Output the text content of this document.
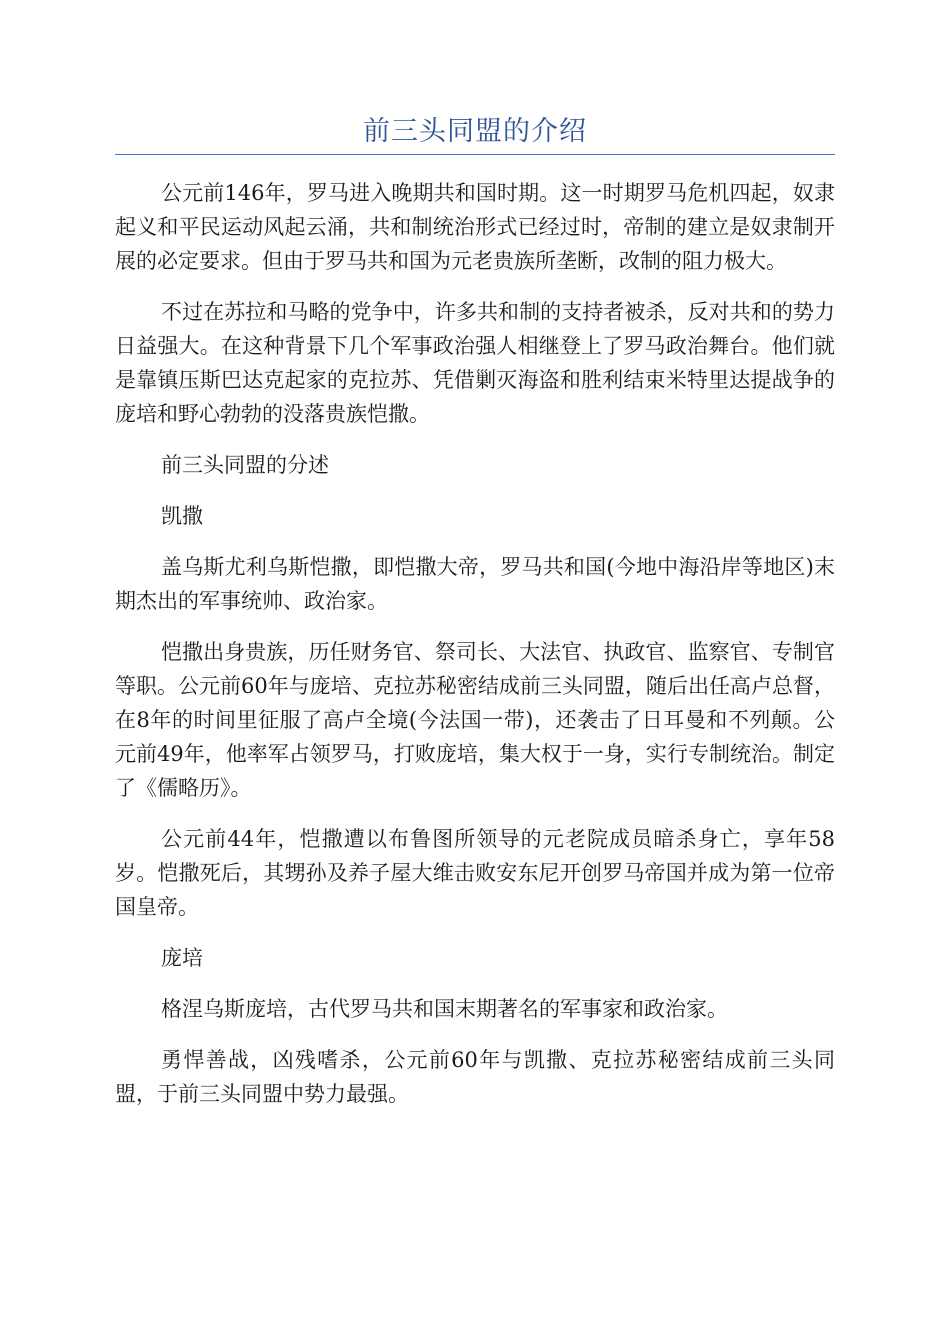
前三头同盟的介绍

公元前146年，罗马进入晚期共和国时期。这一时期罗马危机四起，奴隶起义和平民运动风起云涌，共和制统治形式已经过时，帝制的建立是奴隶制开展的必定要求。但由于罗马共和国为元老贵族所垄断，改制的阻力极大。

不过在苏拉和马略的党争中，许多共和制的支持者被杀，反对共和的势力日益强大。在这种背景下几个军事政治强人相继登上了罗马政治舞台。他们就是靠镇压斯巴达克起家的克拉苏、凭借剿灭海盗和胜利结束米特里达提战争的庞培和野心勃勃的没落贵族恺撒。

前三头同盟的分述

凯撒

盖乌斯尤利乌斯恺撒，即恺撒大帝，罗马共和国(今地中海沿岸等地区)末期杰出的军事统帅、政治家。

恺撒出身贵族，历任财务官、祭司长、大法官、执政官、监察官、专制官等职。公元前60年与庞培、克拉苏秘密结成前三头同盟，随后出任高卢总督，在8年的时间里征服了高卢全境(今法国一带)，还袭击了日耳曼和不列颠。公元前49年，他率军占领罗马，打败庞培，集大权于一身，实行专制统治。制定了《儒略历》。

公元前44年，恺撒遭以布鲁图所领导的元老院成员暗杀身亡，享年58岁。恺撒死后，其甥孙及养子屋大维击败安东尼开创罗马帝国并成为第一位帝国皇帝。

庞培

格涅乌斯庞培，古代罗马共和国末期著名的军事家和政治家。

勇悍善战，凶残嗜杀，公元前60年与凯撒、克拉苏秘密结成前三头同盟，于前三头同盟中势力最强。
